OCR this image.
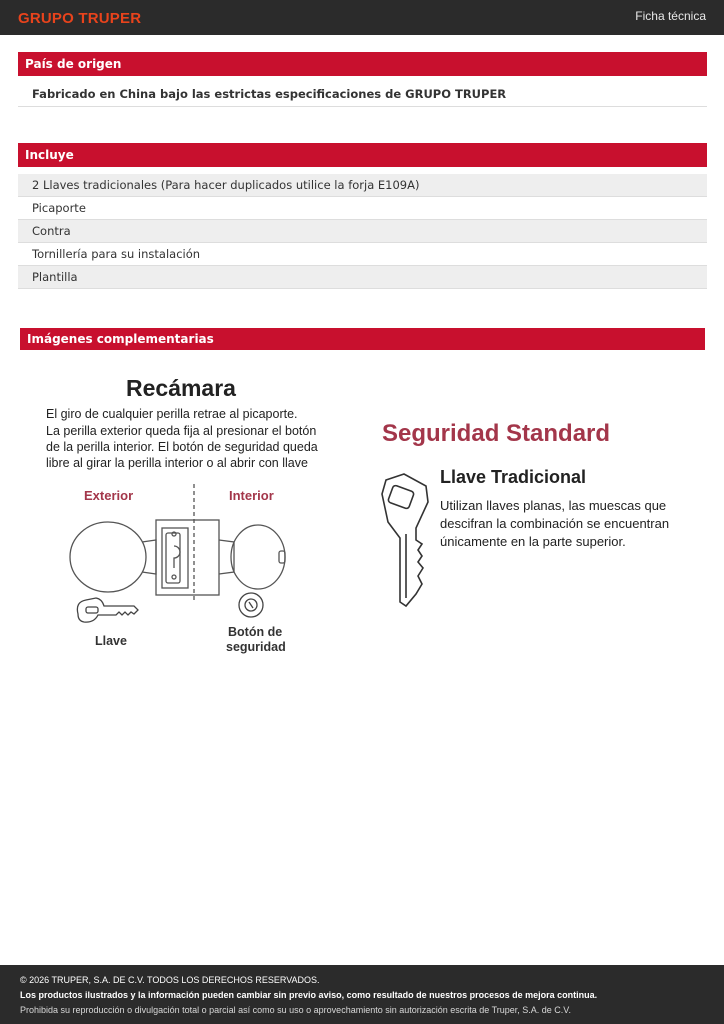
GRUPO TRUPER	Ficha técnica
País de origen
Fabricado en China bajo las estrictas especificaciones de GRUPO TRUPER
Incluye
2 Llaves tradicionales (Para hacer duplicados utilice la forja E109A)
Picaporte
Contra
Tornillería para su instalación
Plantilla
Imágenes complementarias
Recámara
El giro de cualquier perilla retrae al picaporte.
La perilla exterior queda fija al presionar el botón
de la perilla interior. El botón de seguridad queda
libre al girar la perilla interior o al abrir con llave
Exterior	Interior
Llave
Botón de
seguridad
Seguridad Standard
Llave Tradicional
Utilizan llaves planas, las muescas que
descifran la combinación se encuentran
únicamente en la parte superior.
© 2026 TRUPER, S.A. DE C.V. TODOS LOS DERECHOS RESERVADOS.
Los productos ilustrados y la información pueden cambiar sin previo aviso, como resultado de nuestros procesos de mejora continua.
Prohibida su reproducción o divulgación total o parcial así como su uso o aprovechamiento sin autorización escrita de Truper, S.A. de C.V.
